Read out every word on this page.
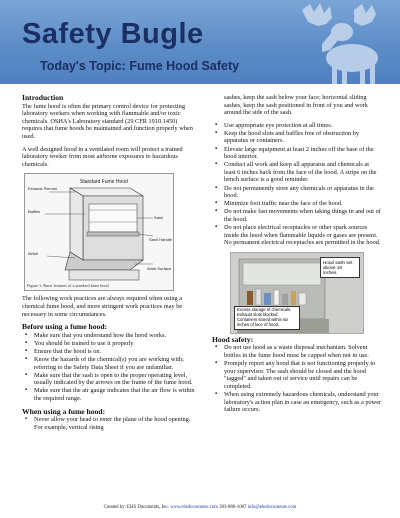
Safety Bugle
Today's Topic: Fume Hood Safety
Introduction

The fume hood is often the primary control device for protecting laboratory workers when working with flammable and/or toxic chemicals. OSHA's Laboratory standard (29 CFR 1910.1450) requires that fume hoods be maintained and function properly when used.

A well designed hood in a ventilated room will protect a trained laboratory worker from most airborne exposures to hazardous chemicals.

Standard Fume Hood
Exhaust Plenum
Baffles
Airfoil
Sash
Sash Handle
Work Surface
Figure 1: Basic features of a standard fume hood

The following work practices are always required when using a chemical fume hood, and more stringent work practices may be necessary in some circumstances.

Before using a fume hood:
▪ Make sure that you understand how the hood works.
▪ You should be trained to use it properly
▪ Ensure that the hood is on.
▪ Know the hazards of the chemical(s) you are working with; referring to the Safety Data Sheet if you are unfamiliar.
▪ Make sure that the sash is open to the proper operating level, usually indicated by the arrows on the frame of the fume hood.
▪ Make sure that the air gauge indicates that the air flow is within the required range.
When using a fume hood:
▪ Never allow your head to enter the plane of the hood opening. For example, vertical rising
sashes, keep the sash below your face; horizontal sliding sashes, keep the sash positioned in front of you and work around the side of the sash.
▪ Use appropriate eye protection at all times.
▪ Keep the hood slots and baffles free of obstruction by apparatus or containers.
▪ Elevate large equipment at least 2 inches off the base of the hood interior.
▪ Conduct all work and keep all apparatus and chemicals at least 6 inches back from the face of the hood. A stripe on the bench surface is a good reminder.
▪ Do not permanently store any chemicals or apparatus in the hood.
▪ Minimize foot traffic near the face of the hood.
▪ Do not make fast movements when taking things in and out of the hood.
▪ Do not place electrical receptacles or other spark sources inside the hood when flammable liquids or gases are present. No permanent electrical receptacles are permitted in the hood.
Hood sash set above 18 inches.
Excess storage of chemicals. Exhaust slots blocked. Containers stored within six inches of face of hood.
Hood safety:
▪ Do not use hood as a waste disposal mechanism. Solvent bottles in the fume hood must be capped when not in use.
▪ Promptly report any hood that is not functioning properly to your supervisor. The sash should be closed and the hood "tagged" and taken out of service until repairs can be completed.
▪ When using extremely hazardous chemicals, understand your laboratory's action plan in case an emergency, such as a power failure occurs.
Created by: EHS Documents, Inc. www.ehsdocuments.com 303-886-1067 info@ehsdocuments.com
